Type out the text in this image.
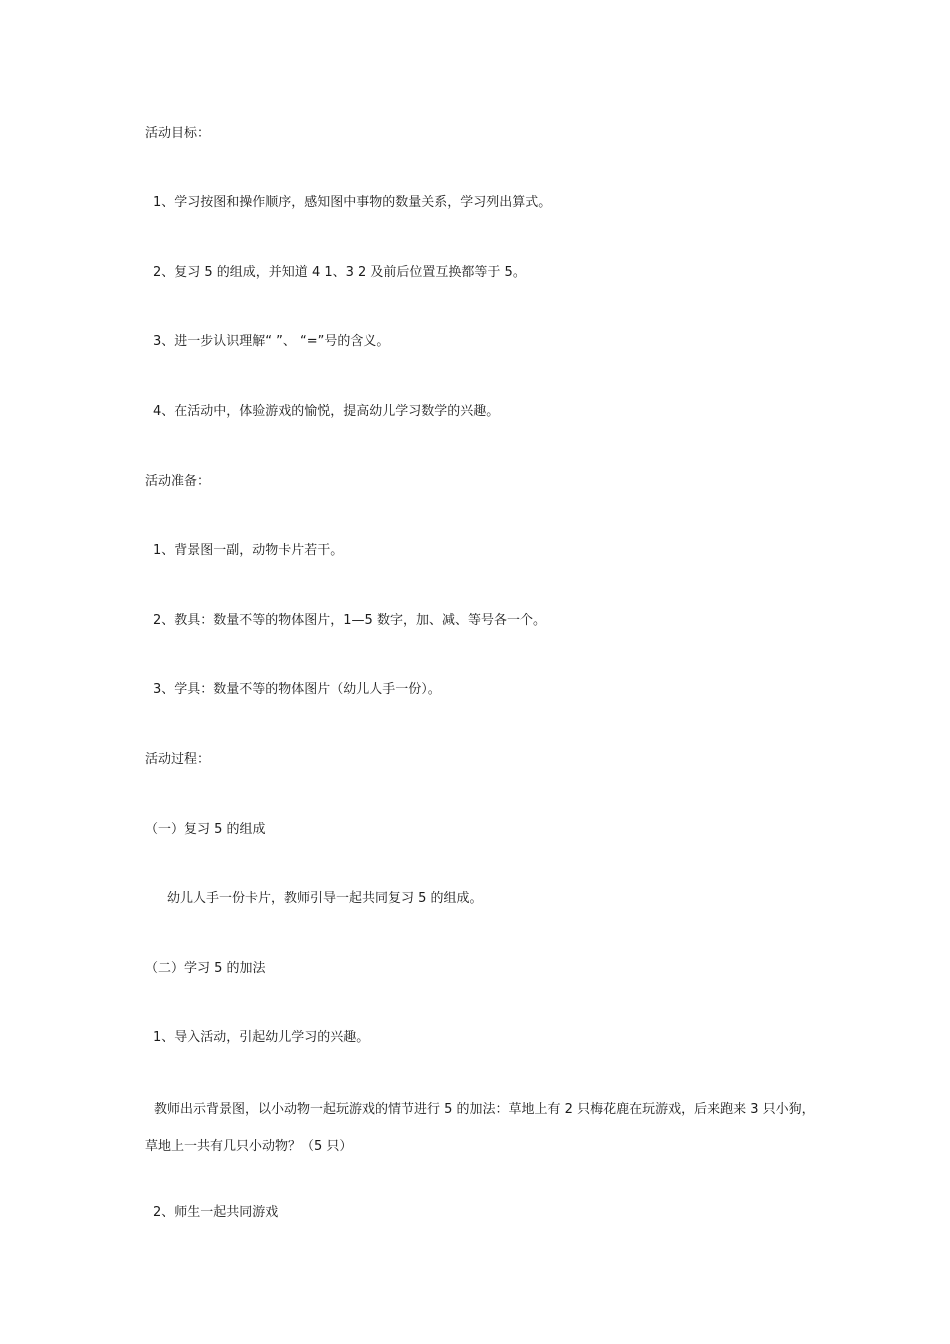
活动目标：
1、学习按图和操作顺序，感知图中事物的数量关系，学习列出算式。
2、复习 5 的组成，并知道 4 1、3 2 及前后位置互换都等于 5。
3、进一步认识理解“ ”、 “=”号的含义。
4、在活动中，体验游戏的愉悦，提高幼儿学习数学的兴趣。
活动准备：
1、背景图一副，动物卡片若干。
2、教具：数量不等的物体图片，1—5 数字，加、减、等号各一个。
3、学具：数量不等的物体图片（幼儿人手一份）。
活动过程：
（一）复习 5 的组成
幼儿人手一份卡片，教师引导一起共同复习 5 的组成。
（二）学习 5 的加法
1、导入活动，引起幼儿学习的兴趣。
教师出示背景图，以小动物一起玩游戏的情节进行 5 的加法：草地上有 2 只梅花鹿在玩游戏，后来跑来 3 只小狗，草地上一共有几只小动物？（5 只）
2、师生一起共同游戏
